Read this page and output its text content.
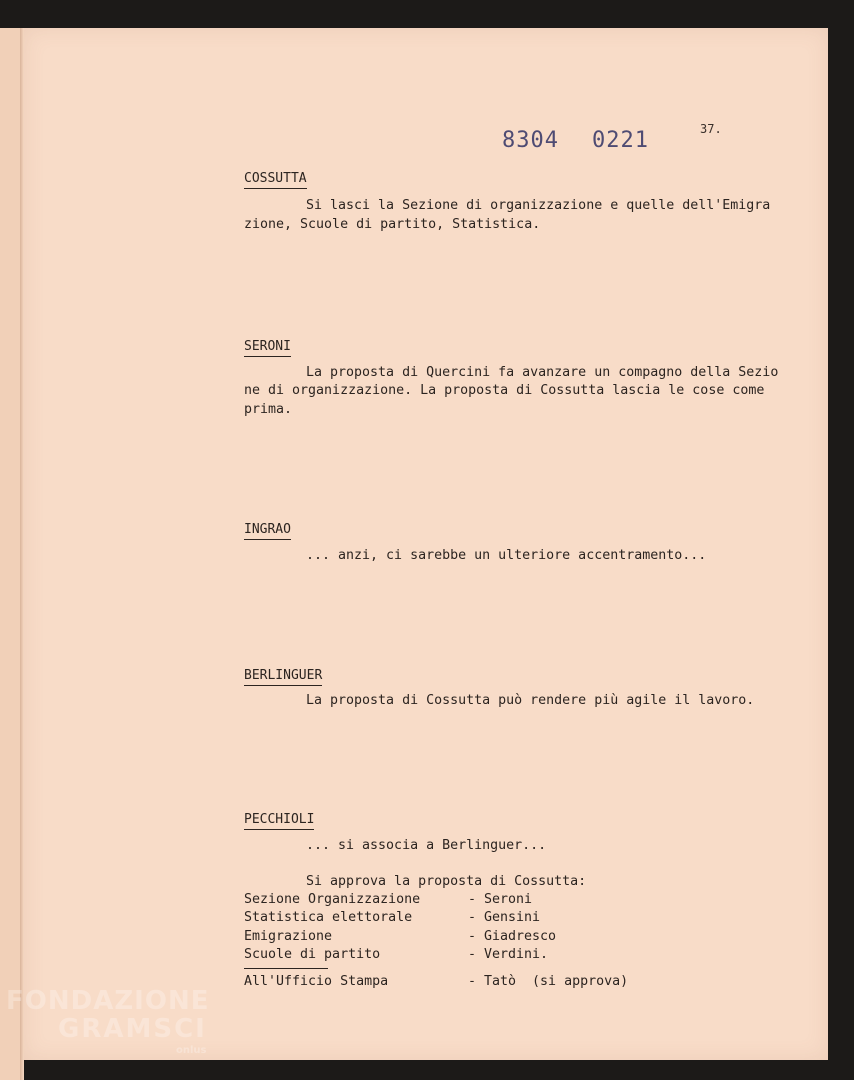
8304 0221	37.
COSSUTTA
Si lasci la Sezione di organizzazione e quelle dell'Emigra
zione, Scuole di partito, Statistica.
SERONI
La proposta di Quercini fa avanzare un compagno della Sezio
ne di organizzazione. La proposta di Cossutta lascia le cose come
prima.
INGRAO
... anzi, ci sarebbe un ulteriore accentramento...
BERLINGUER
La proposta di Cossutta può rendere più agile il lavoro.
PECCHIOLI
... si associa a Berlinguer...
Si approva la proposta di Cossutta:
Sezione Organizzazione	- Seroni
Statistica elettorale	- Gensini
Emigrazione	- Giadresco
Scuole di partito	- Verdini.
All'Ufficio Stampa	- Tatò  (si approva)
FONDAZIONE
GRAMSCI
onlus
